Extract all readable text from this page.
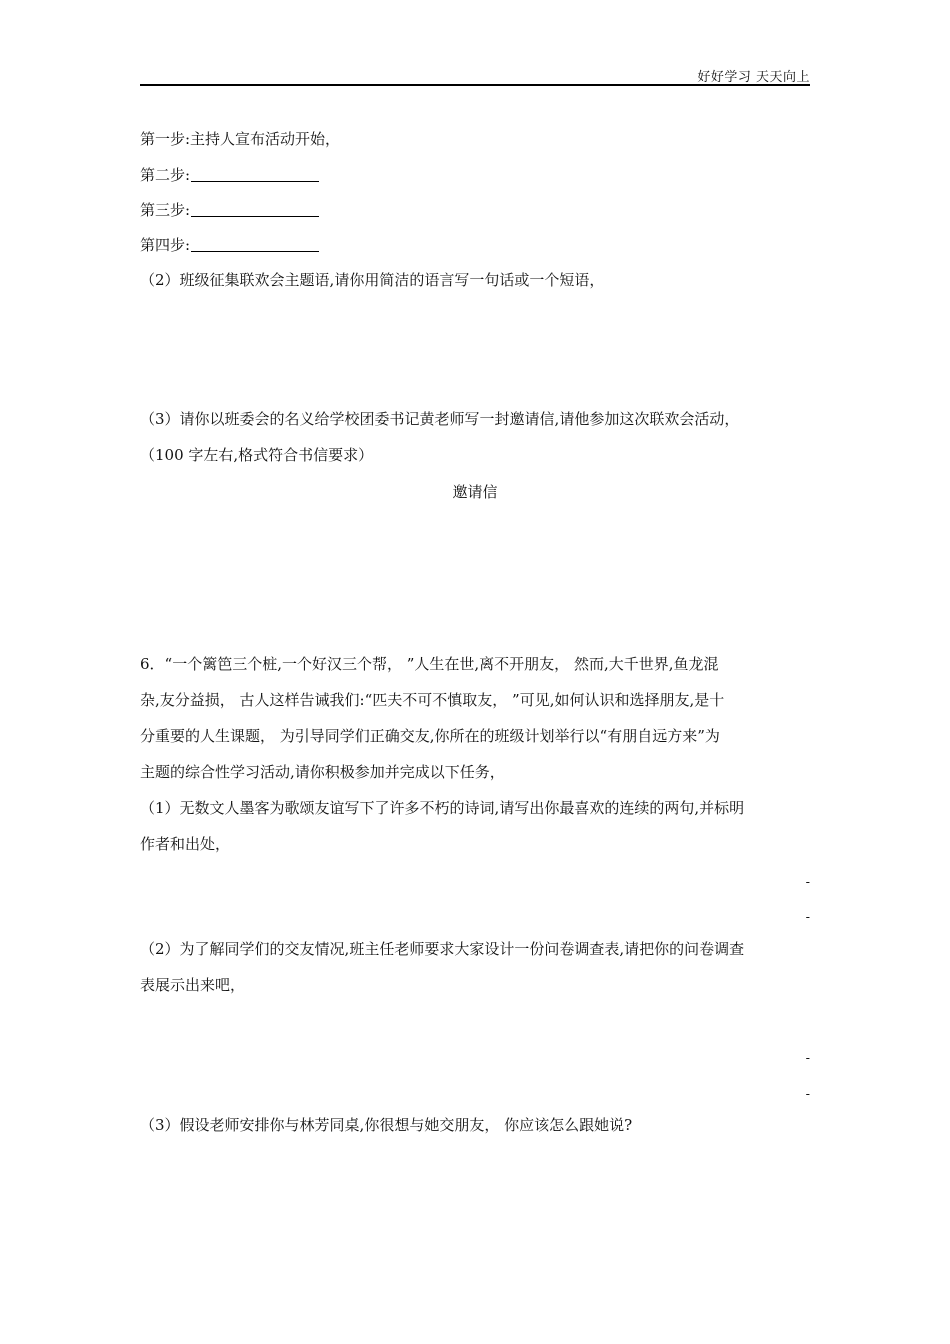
好好学习 天天向上
第一步:主持人宣布活动开始，
第二步:
第三步:
第四步:
（2）班级征集联欢会主题语,请你用简洁的语言写一句话或一个短语，
（3）请你以班委会的名义给学校团委书记黄老师写一封邀请信,请他参加这次联欢会活动，
（100 字左右,格式符合书信要求）
邀请信
6．“一个篱笆三个桩,一个好汉三个帮， ”人生在世,离不开朋友， 然而,大千世界,鱼龙混
杂,友分益损， 古人这样告诫我们:“匹夫不可不慎取友， ”可见,如何认识和选择朋友,是十
分重要的人生课题， 为引导同学们正确交友,你所在的班级计划举行以“有朋自远方来”为
主题的综合性学习活动,请你积极参加并完成以下任务，
（1）无数文人墨客为歌颂友谊写下了许多不朽的诗词,请写出你最喜欢的连续的两句,并标明
作者和出处，
-
-
（2）为了解同学们的交友情况,班主任老师要求大家设计一份问卷调查表,请把你的问卷调查
表展示出来吧，
-
-
（3）假设老师安排你与林芳同桌,你很想与她交朋友， 你应该怎么跟她说?
